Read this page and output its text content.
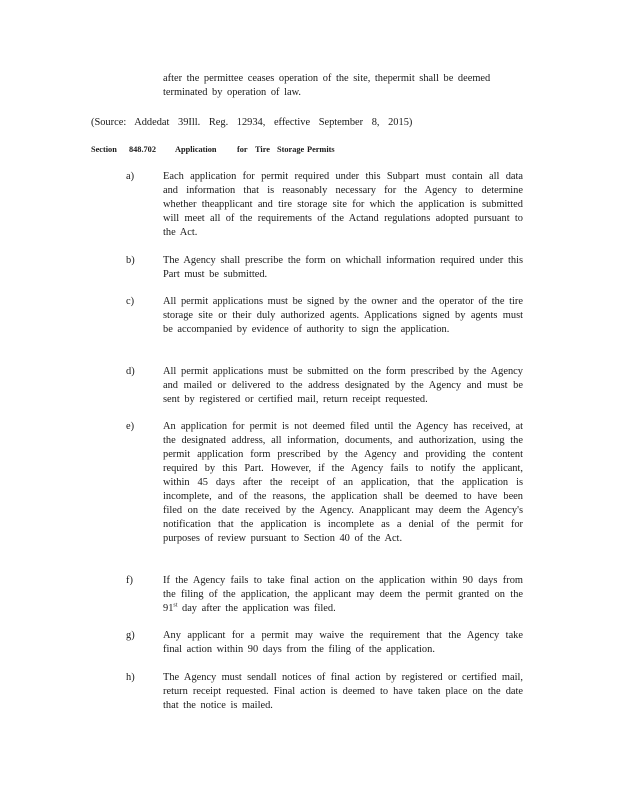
after the permittee ceases operation of the site, thepermit shall be deemed terminated by operation of law.
(Source: Addedat 39Ill. Reg. 12934, effective September 8, 2015)
Section 848.702 Application for Tire Storage Permits
a)	Each application for permit required under this Subpart must contain all data and information that is reasonably necessary for the Agency to determine whether theapplicant and tire storage site for which the application is submitted will meet all of the requirements of the Actand regulations adopted pursuant to the Act.
b)	The Agency shall prescribe the form on whichall information required under this Part must be submitted.
c)	All permit applications must be signed by the owner and the operator of the tire storage site or their duly authorized agents. Applications signed by agents must be accompanied by evidence of authority to sign the application.
d)	All permit applications must be submitted on the form prescribed by the Agency and mailed or delivered to the address designated by the Agency and must be sent by registered or certified mail, return receipt requested.
e)	An application for permit is not deemed filed until the Agency has received, at the designated address, all information, documents, and authorization, using the permit application form prescribed by the Agency and providing the content required by this Part. However, if the Agency fails to notify the applicant, within 45 days after the receipt of an application, that the application is incomplete, and of the reasons, the application shall be deemed to have been filed on the date received by the Agency. Anapplicant may deem the Agency's notification that the application is incomplete as a denial of the permit for purposes of review pursuant to Section 40 of the Act.
f)	If the Agency fails to take final action on the application within 90 days from the filing of the application, the applicant may deem the permit granted on the 91st day after the application was filed.
g)	Any applicant for a permit may waive the requirement that the Agency take final action within 90 days from the filing of the application.
h)	The Agency must sendall notices of final action by registered or certified mail, return receipt requested. Final action is deemed to have taken place on the date that the notice is mailed.
